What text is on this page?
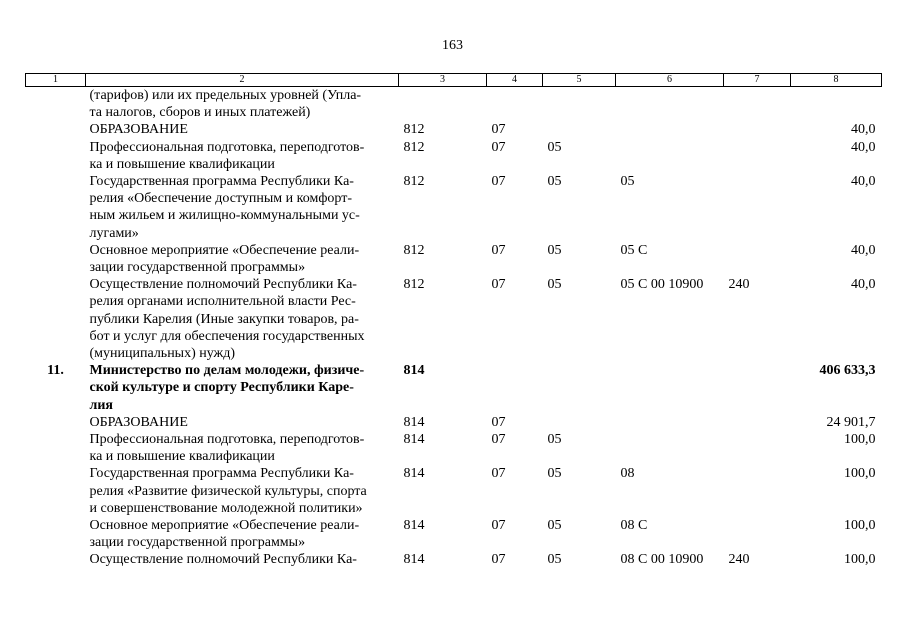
163
1	2	3	4	5	6	7	8
	(тарифов) или их предельных уровней (Упла-
та налогов, сборов и иных платежей)						
	ОБРАЗОВАНИЕ	812	07				40,0
	Профессиональная подготовка, переподготов-
ка и повышение квалификации	812	07	05			40,0
	Государственная программа Республики Ка-
релия «Обеспечение доступным и комфорт-
ным жильем и жилищно-коммунальными ус-
лугами»	812	07	05	05		40,0
	Основное мероприятие «Обеспечение реали-
зации государственной программы»	812	07	05	05 С		40,0
	Осуществление полномочий Республики Ка-
релия органами исполнительной власти Рес-
публики Карелия (Иные закупки товаров, ра-
бот и услуг для обеспечения государственных
(муниципальных) нужд)	812	07	05	05 С 00 10900	240	40,0
11.	Министерство по делам молодежи, физиче-
ской культуре и спорту Республики Каре-
лия	814					406 633,3
	ОБРАЗОВАНИЕ	814	07				24 901,7
	Профессиональная подготовка, переподготов-
ка и повышение квалификации	814	07	05			100,0
	Государственная программа Республики Ка-
релия «Развитие физической культуры, спорта
и совершенствование молодежной политики»	814	07	05	08		100,0
	Основное мероприятие «Обеспечение реали-
зации государственной программы»	814	07	05	08 С		100,0
	Осуществление полномочий Республики Ка-	814	07	05	08 С 00 10900	240	100,0
